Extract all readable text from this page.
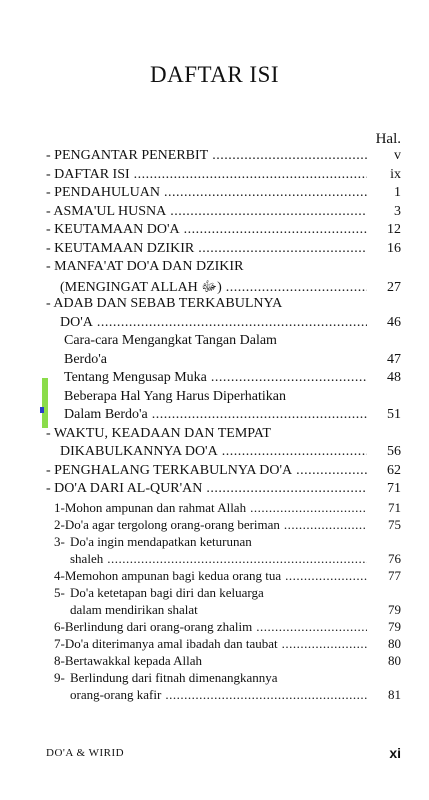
DAFTAR ISI
Hal.
- PENGANTAR PENERBIT .....	v
- DAFTAR ISI .....	ix
- PENDAHULUAN .....	1
- ASMA'UL HUSNA .....	3
- KEUTAMAAN DO'A .....	12
- KEUTAMAAN DZIKIR .....	16
- MANFA'AT DO'A DAN DZIKIR
(MENGINGAT ALLAH ﷻ) .....	27
- ADAB DAN SEBAB TERKABULNYA
DO'A .....	46
Cara-cara Mengangkat Tangan Dalam
Berdo'a	47
Tentang Mengusap Muka .....	48
Beberapa Hal Yang Harus Diperhatikan
Dalam Berdo'a .....	51
- WAKTU, KEADAAN DAN TEMPAT
DIKABULKANNYA DO'A .....	56
- PENGHALANG TERKABULNYA DO'A .....	62
- DO'A DARI AL-QUR'AN .....	71
1- Mohon ampunan dan rahmat Allah .....	71
2- Do'a agar tergolong orang-orang beriman .....	75
3- Do'a ingin mendapatkan keturunan
shaleh .....	76
4- Memohon ampunan bagi kedua orang tua .....	77
5- Do'a ketetapan bagi diri dan keluarga
dalam mendirikan shalat	79
6- Berlindung dari orang-orang zhalim .....	79
7- Do'a diterimanya amal ibadah dan taubat .....	80
8- Bertawakkal kepada Allah	80
9- Berlindung dari fitnah dimenangkannya
orang-orang kafir .....	81
DO'A & WIRID	xi
